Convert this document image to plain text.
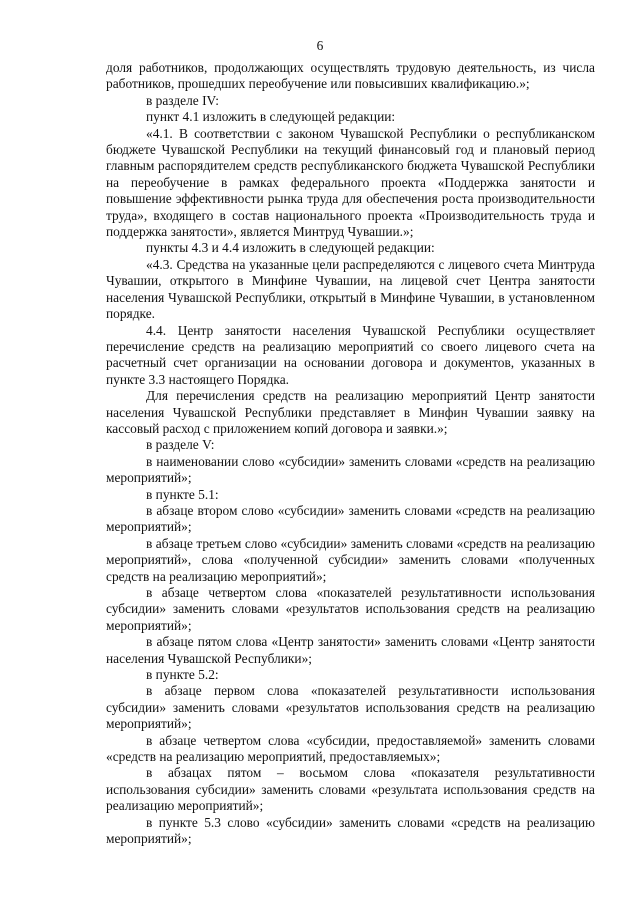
6

доля работников, продолжающих осуществлять трудовую деятельность, из числа работников, прошедших переобучение или повысивших квалификацию.»;

в разделе IV:

пункт 4.1 изложить в следующей редакции:

«4.1. В соответствии с законом Чувашской Республики о республиканском бюджете Чувашской Республики на текущий финансовый год и плановый период главным распорядителем средств республиканского бюджета Чувашской Республики на переобучение в рамках федерального проекта «Поддержка занятости и повышение эффективности рынка труда для обеспечения роста производительности труда», входящего в состав национального проекта «Производительность труда и поддержка занятости», является Минтруд Чувашии.»;

пункты 4.3 и 4.4 изложить в следующей редакции:

«4.3. Средства на указанные цели распределяются с лицевого счета Минтруда Чувашии, открытого в Минфине Чувашии, на лицевой счет Центра занятости населения Чувашской Республики, открытый в Минфине Чувашии, в установленном порядке.

4.4. Центр занятости населения Чувашской Республики осуществляет перечисление средств на реализацию мероприятий со своего лицевого счета на расчетный счет организации на основании договора и документов, указанных в пункте 3.3 настоящего Порядка.

Для перечисления средств на реализацию мероприятий Центр занятости населения Чувашской Республики представляет в Минфин Чувашии заявку на кассовый расход с приложением копий договора и заявки.»;

в разделе V:

в наименовании слово «субсидии» заменить словами «средств на реализацию мероприятий»;

в пункте 5.1:

в абзаце втором слово «субсидии» заменить словами «средств на реализацию мероприятий»;

в абзаце третьем слово «субсидии» заменить словами «средств на реализацию мероприятий», слова «полученной субсидии» заменить словами «полученных средств на реализацию мероприятий»;

в абзаце четвертом слова «показателей результативности использования субсидии» заменить словами «результатов использования средств на реализацию мероприятий»;

в абзаце пятом слова «Центр занятости» заменить словами «Центр занятости населения Чувашской Республики»;

в пункте 5.2:

в абзаце первом слова «показателей результативности использования субсидии» заменить словами «результатов использования средств на реализацию мероприятий»;

в абзаце четвертом слова «субсидии, предоставляемой» заменить словами «средств на реализацию мероприятий, предоставляемых»;

в абзацах пятом – восьмом слова «показателя результативности использования субсидии» заменить словами «результата использования средств на реализацию мероприятий»;

в пункте 5.3 слово «субсидии» заменить словами «средств на реализацию мероприятий»;
